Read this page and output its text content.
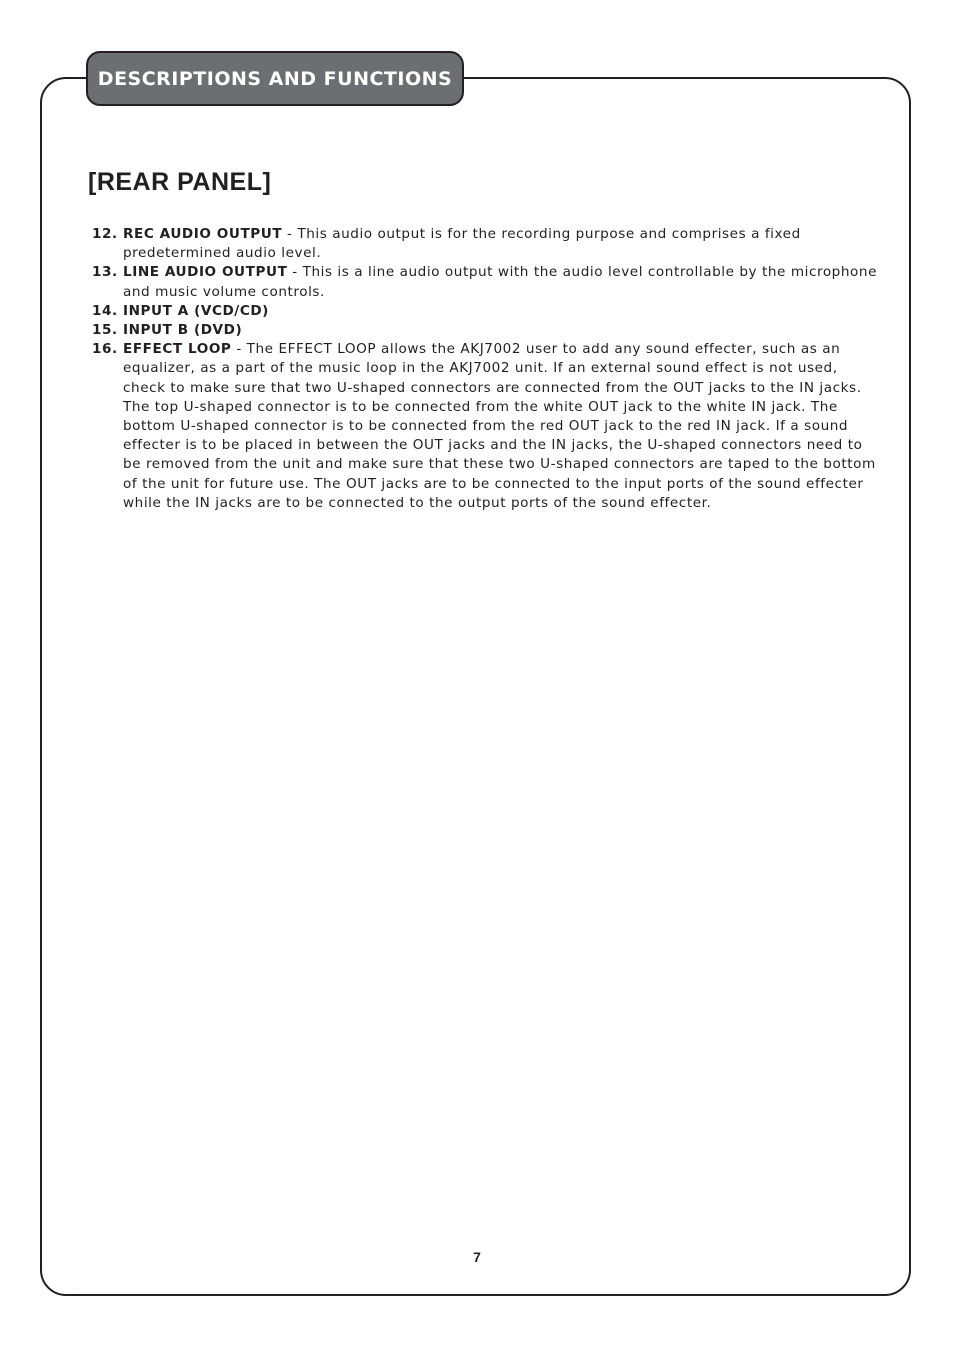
DESCRIPTIONS AND FUNCTIONS
[REAR PANEL]
12. REC AUDIO OUTPUT - This audio output is for the recording purpose and comprises a fixed predetermined audio level.
13. LINE AUDIO OUTPUT - This is a line audio output with the audio level controllable by the microphone and music volume controls.
14. INPUT A (VCD/CD)
15. INPUT B (DVD)
16. EFFECT LOOP - The EFFECT LOOP allows the AKJ7002 user to add any sound effecter, such as an equalizer, as a part of the music loop in the AKJ7002 unit. If an external sound effect is not used, check to make sure that two U-shaped connectors are connected from the OUT jacks to the IN jacks. The top U-shaped connector is to be connected from the white OUT jack to the white IN jack. The bottom U-shaped connector is to be connected from the red OUT jack to the red IN jack. If a sound effecter is to be placed in between the OUT jacks and the IN jacks, the U-shaped connectors need to be removed from the unit and make sure that these two U-shaped connectors are taped to the bottom of the unit for future use. The OUT jacks are to be connected to the input ports of the sound effecter while the IN jacks are to be connected to the output ports of the sound effecter.
7
